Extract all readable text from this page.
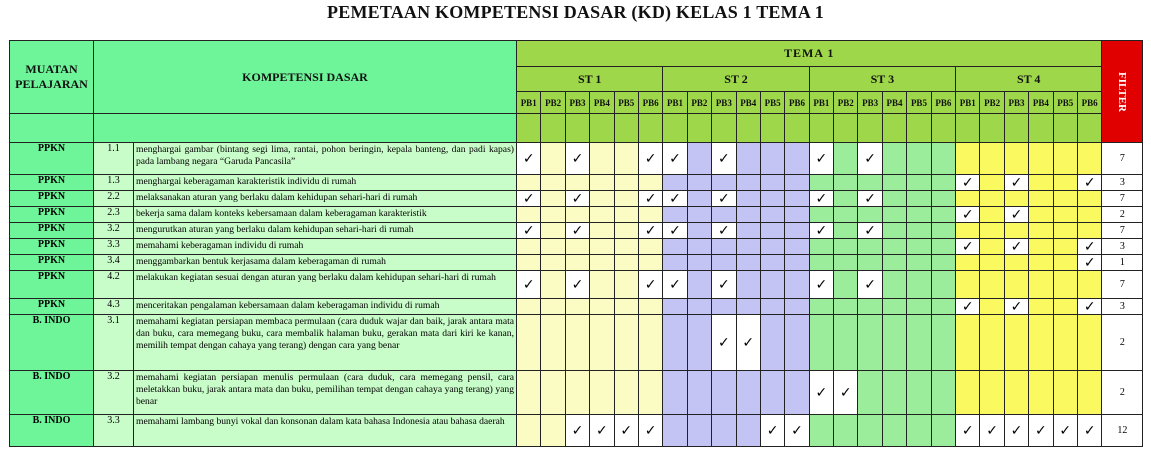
PEMETAAN KOMPETENSI DASAR (KD) KELAS 1 TEMA 1
MUATAN PELAJARAN	KOMPETENSI DASAR		TEMA 1																								FILTER
			ST 1						ST 2						ST 3						ST 4						
			PB1	PB2	PB3	PB4	PB5	PB6	PB1	PB2	PB3	PB4	PB5	PB6	PB1	PB2	PB3	PB4	PB5	PB6	PB1	PB2	PB3	PB4	PB5	PB6	

PPKN	1.1	menghargai gambar (bintang segi lima, rantai, pohon beringin, kepala banteng, dan padi kapas) pada lambang negara “Garuda Pancasila”	✓		✓			✓	✓		✓				✓		✓										7
PPKN	1.3	menghargai keberagaman karakteristik individu di rumah																			✓		✓			✓	3
PPKN	2.2	melaksanakan aturan yang berlaku dalam kehidupan sehari-hari di rumah	✓		✓			✓	✓		✓				✓		✓										7
PPKN	2.3	bekerja sama dalam konteks kebersamaan dalam keberagaman karakteristik																			✓		✓				2
PPKN	3.2	mengurutkan aturan yang berlaku dalam kehidupan sehari-hari di rumah	✓		✓			✓	✓		✓				✓		✓										7
PPKN	3.3	memahami keberagaman individu di rumah																			✓		✓			✓	3
PPKN	3.4	menggambarkan bentuk kerjasama dalam keberagaman di rumah																								✓	1
PPKN	4.2	melakukan kegiatan sesuai dengan aturan yang berlaku dalam kehidupan sehari-hari di rumah	✓		✓			✓	✓		✓				✓		✓										7
PPKN	4.3	menceritakan pengalaman kebersamaan dalam keberagaman individu di rumah																			✓		✓			✓	3
B. INDO	3.1	memahami kegiatan persiapan membaca permulaan (cara duduk wajar dan baik, jarak antara mata dan buku, cara memegang buku, cara membalik halaman buku, gerakan mata dari kiri ke kanan, memilih tempat dengan cahaya yang terang) dengan cara yang benar									✓	✓															2
B. INDO	3.2	memahami kegiatan persiapan menulis permulaan (cara duduk, cara memegang pensil, cara meletakkan buku, jarak antara mata dan buku, pemilihan tempat dengan cahaya yang terang) yang benar													✓	✓											2
B. INDO	3.3	memahami lambang bunyi vokal dan konsonan dalam kata bahasa Indonesia atau bahasa daerah			✓	✓	✓	✓					✓	✓							✓	✓	✓	✓	✓	✓	12
